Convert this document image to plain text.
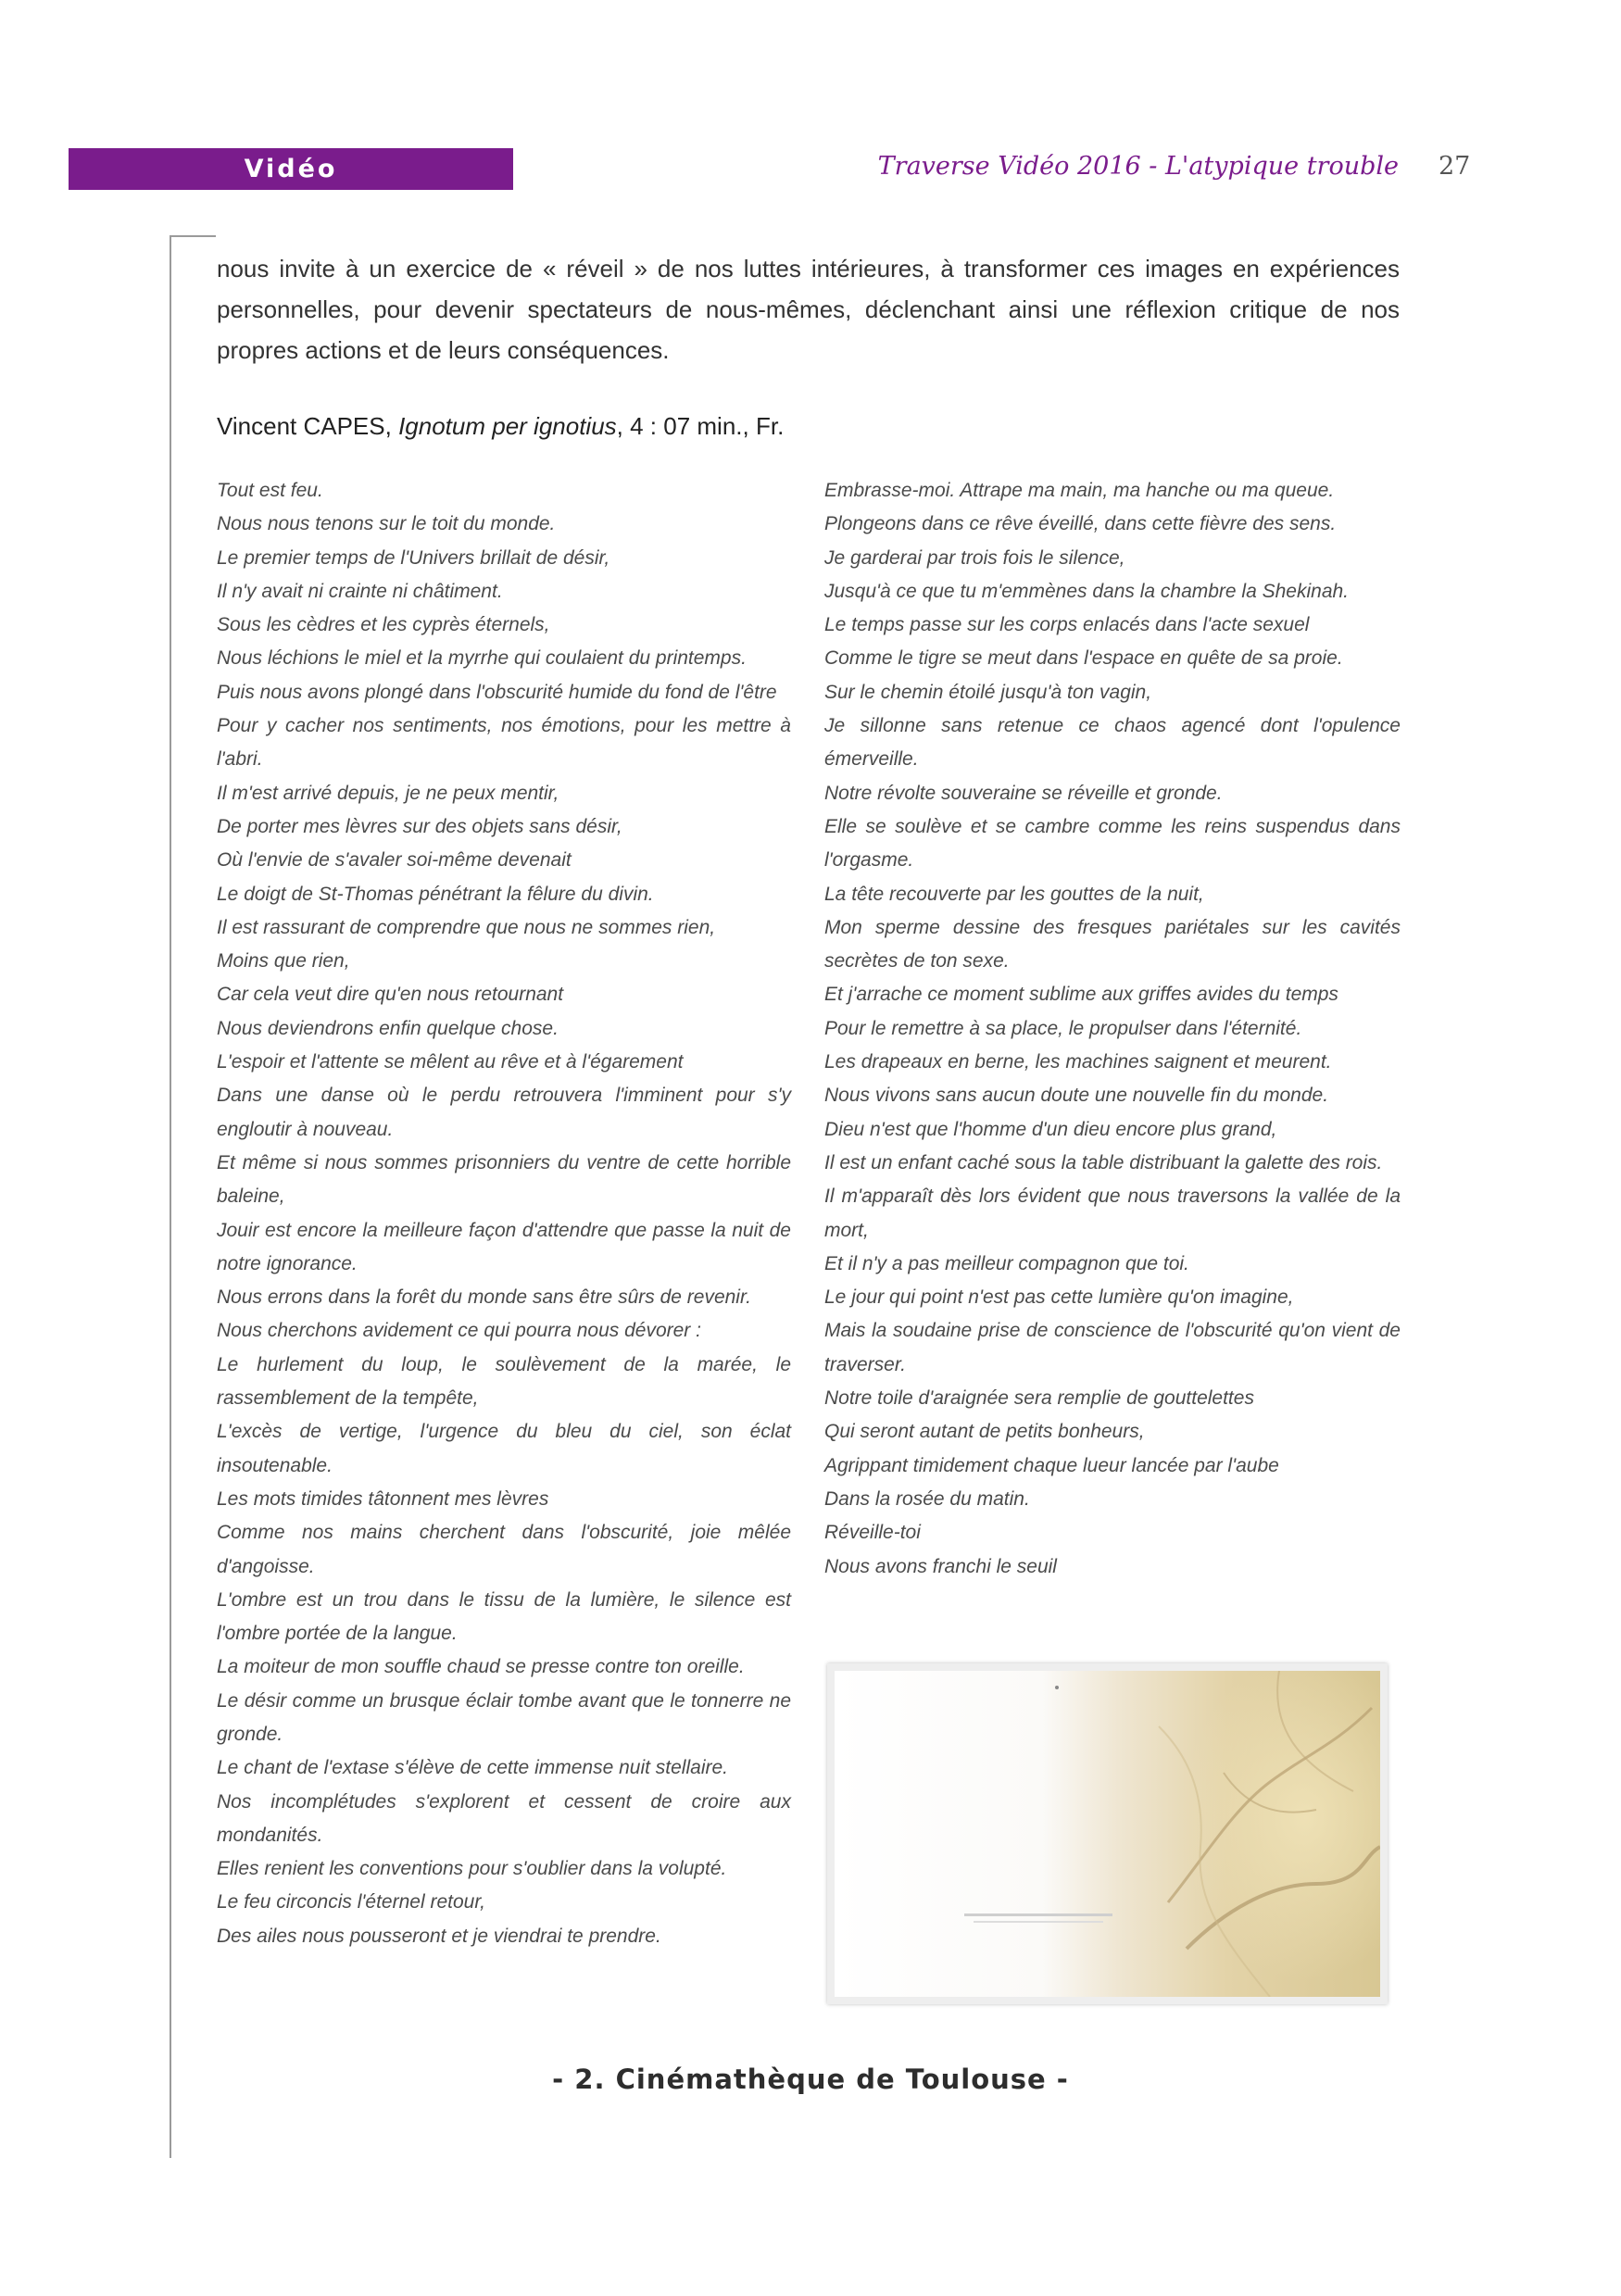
Vidéo	Traverse Vidéo 2016 - L'atypique trouble 27

nous invite à un exercice de « réveil » de nos luttes intérieures, à transformer ces images en expériences personnelles, pour devenir spectateurs de nous-mêmes, déclenchant ainsi une réflexion critique de nos propres actions et de leurs conséquences.

Vincent CAPES, Ignotum per ignotius, 4 : 07 min., Fr.

Tout est feu.
Nous nous tenons sur le toit du monde.
Le premier temps de l'Univers brillait de désir,
Il n'y avait ni crainte ni châtiment.
Sous les cèdres et les cyprès éternels,
Nous léchions le miel et la myrrhe qui coulaient du printemps.
Puis nous avons plongé dans l'obscurité humide du fond de l'être
Pour y cacher nos sentiments, nos émotions, pour les mettre à l'abri.
Il m'est arrivé depuis, je ne peux mentir,
De porter mes lèvres sur des objets sans désir,
Où l'envie de s'avaler soi-même devenait
Le doigt de St-Thomas pénétrant la fêlure du divin.
Il est rassurant de comprendre que nous ne sommes rien,
Moins que rien,
Car cela veut dire qu'en nous retournant
Nous deviendrons enfin quelque chose.
L'espoir et l'attente se mêlent au rêve et à l'égarement
Dans une danse où le perdu retrouvera l'imminent pour s'y engloutir à nouveau.
Et même si nous sommes prisonniers du ventre de cette horrible baleine,
Jouir est encore la meilleure façon d'attendre que passe la nuit de notre ignorance.
Nous errons dans la forêt du monde sans être sûrs de revenir.
Nous cherchons avidement ce qui pourra nous dévorer :
Le hurlement du loup, le soulèvement de la marée, le rassemblement de la tempête,
L'excès de vertige, l'urgence du bleu du ciel, son éclat insoutenable.
Les mots timides tâtonnent mes lèvres
Comme nos mains cherchent dans l'obscurité, joie mêlée d'angoisse.
L'ombre est un trou dans le tissu de la lumière, le silence est l'ombre portée de la langue.
La moiteur de mon souffle chaud se presse contre ton oreille.
Le désir comme un brusque éclair tombe avant que le tonnerre ne gronde.
Le chant de l'extase s'élève de cette immense nuit stellaire.
Nos incomplétudes s'explorent et cessent de croire aux mondanités.
Elles renient les conventions pour s'oublier dans la volupté.
Le feu circoncis l'éternel retour,
Des ailes nous pousseront et je viendrai te prendre.
Embrasse-moi. Attrape ma main, ma hanche ou ma queue.
Plongeons dans ce rêve éveillé, dans cette fièvre des sens.
Je garderai par trois fois le silence,
Jusqu'à ce que tu m'emmènes dans la chambre la Shekinah.
Le temps passe sur les corps enlacés dans l'acte sexuel
Comme le tigre se meut dans l'espace en quête de sa proie.
Sur le chemin étoilé jusqu'à ton vagin,
Je sillonne sans retenue ce chaos agencé dont l'opulence émerveille.
Notre révolte souveraine se réveille et gronde.
Elle se soulève et se cambre comme les reins suspendus dans l'orgasme.
La tête recouverte par les gouttes de la nuit,
Mon sperme dessine des fresques pariétales sur les cavités secrètes de ton sexe.
Et j'arrache ce moment sublime aux griffes avides du temps
Pour le remettre à sa place, le propulser dans l'éternité.
Les drapeaux en berne, les machines saignent et meurent.
Nous vivons sans aucun doute une nouvelle fin du monde.
Dieu n'est que l'homme d'un dieu encore plus grand,
Il est un enfant caché sous la table distribuant la galette des rois.
Il m'apparaît dès lors évident que nous traversons la vallée de la mort,
Et il n'y a pas meilleur compagnon que toi.
Le jour qui point n'est pas cette lumière qu'on imagine,
Mais la soudaine prise de conscience de l'obscurité qu'on vient de traverser.
Notre toile d'araignée sera remplie de gouttelettes
Qui seront autant de petits bonheurs,
Agrippant timidement chaque lueur lancée par l'aube
Dans la rosée du matin.
Réveille-toi
Nous avons franchi le seuil
- 2. Cinémathèque de Toulouse -
